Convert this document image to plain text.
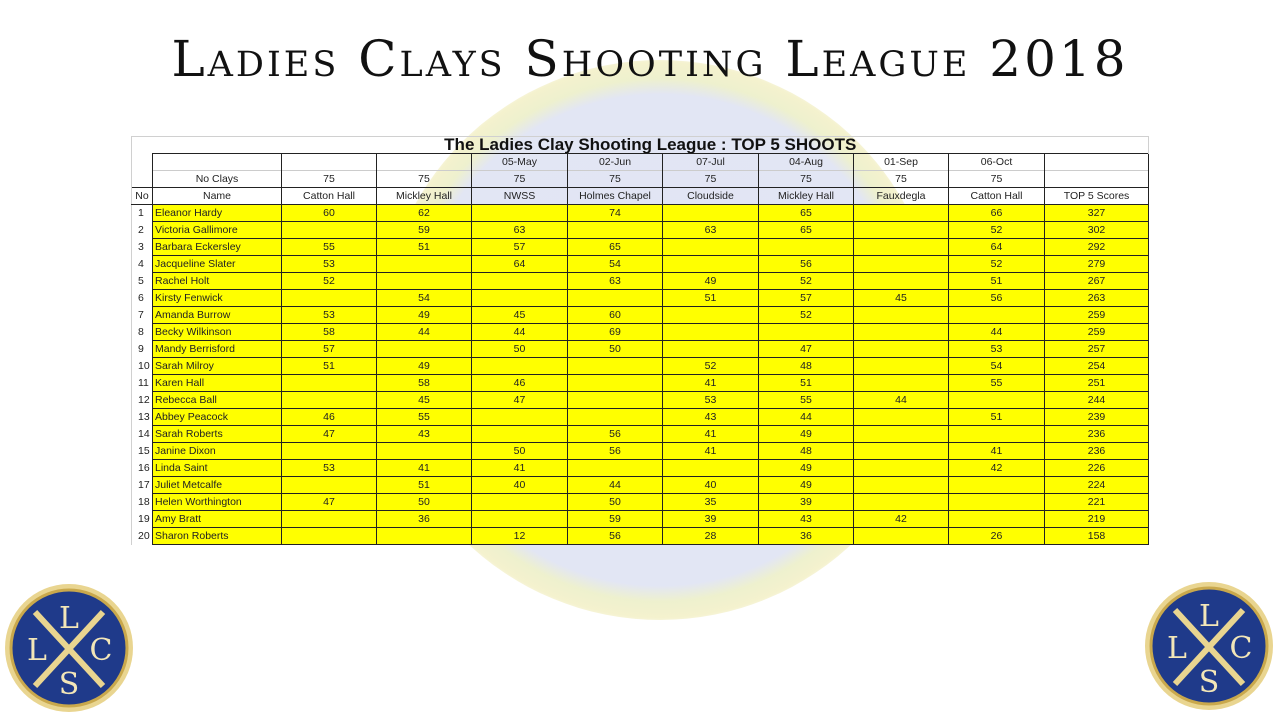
Ladies Clays Shooting League 2018
	The Ladies Clay Shooting League : TOP 5 SHOOTS									
				05-May	02-Jun	07-Jul	04-Aug	01-Sep	06-Oct	
	No Clays	75	75	75	75	75	75	75	75	
No	Name	Catton Hall	Mickley Hall	NWSS	Holmes Chapel	Cloudside	Mickley Hall	Fauxdegla	Catton Hall	TOP 5 Scores
1	Eleanor Hardy	60	62		74		65		66	327
2	Victoria Gallimore		59	63		63	65		52	302
3	Barbara Eckersley	55	51	57	65				64	292
4	Jacqueline Slater	53		64	54		56		52	279
5	Rachel Holt	52			63	49	52		51	267
6	Kirsty Fenwick		54			51	57	45	56	263
7	Amanda Burrow	53	49	45	60		52			259
8	Becky Wilkinson	58	44	44	69				44	259
9	Mandy Berrisford	57		50	50		47		53	257
10	Sarah Milroy	51	49			52	48		54	254
11	Karen Hall		58	46		41	51		55	251
12	Rebecca Ball		45	47		53	55	44		244
13	Abbey Peacock	46	55			43	44		51	239
14	Sarah Roberts	47	43		56	41	49			236
15	Janine Dixon			50	56	41	48		41	236
16	Linda Saint	53	41	41			49		42	226
17	Juliet Metcalfe		51	40	44	40	49			224
18	Helen Worthington	47	50		50	35	39			221
19	Amy Bratt		36		59	39	43	42		219
20	Sharon Roberts			12	56	28	36		26	158
L
C
S
L
L
C
S
L
